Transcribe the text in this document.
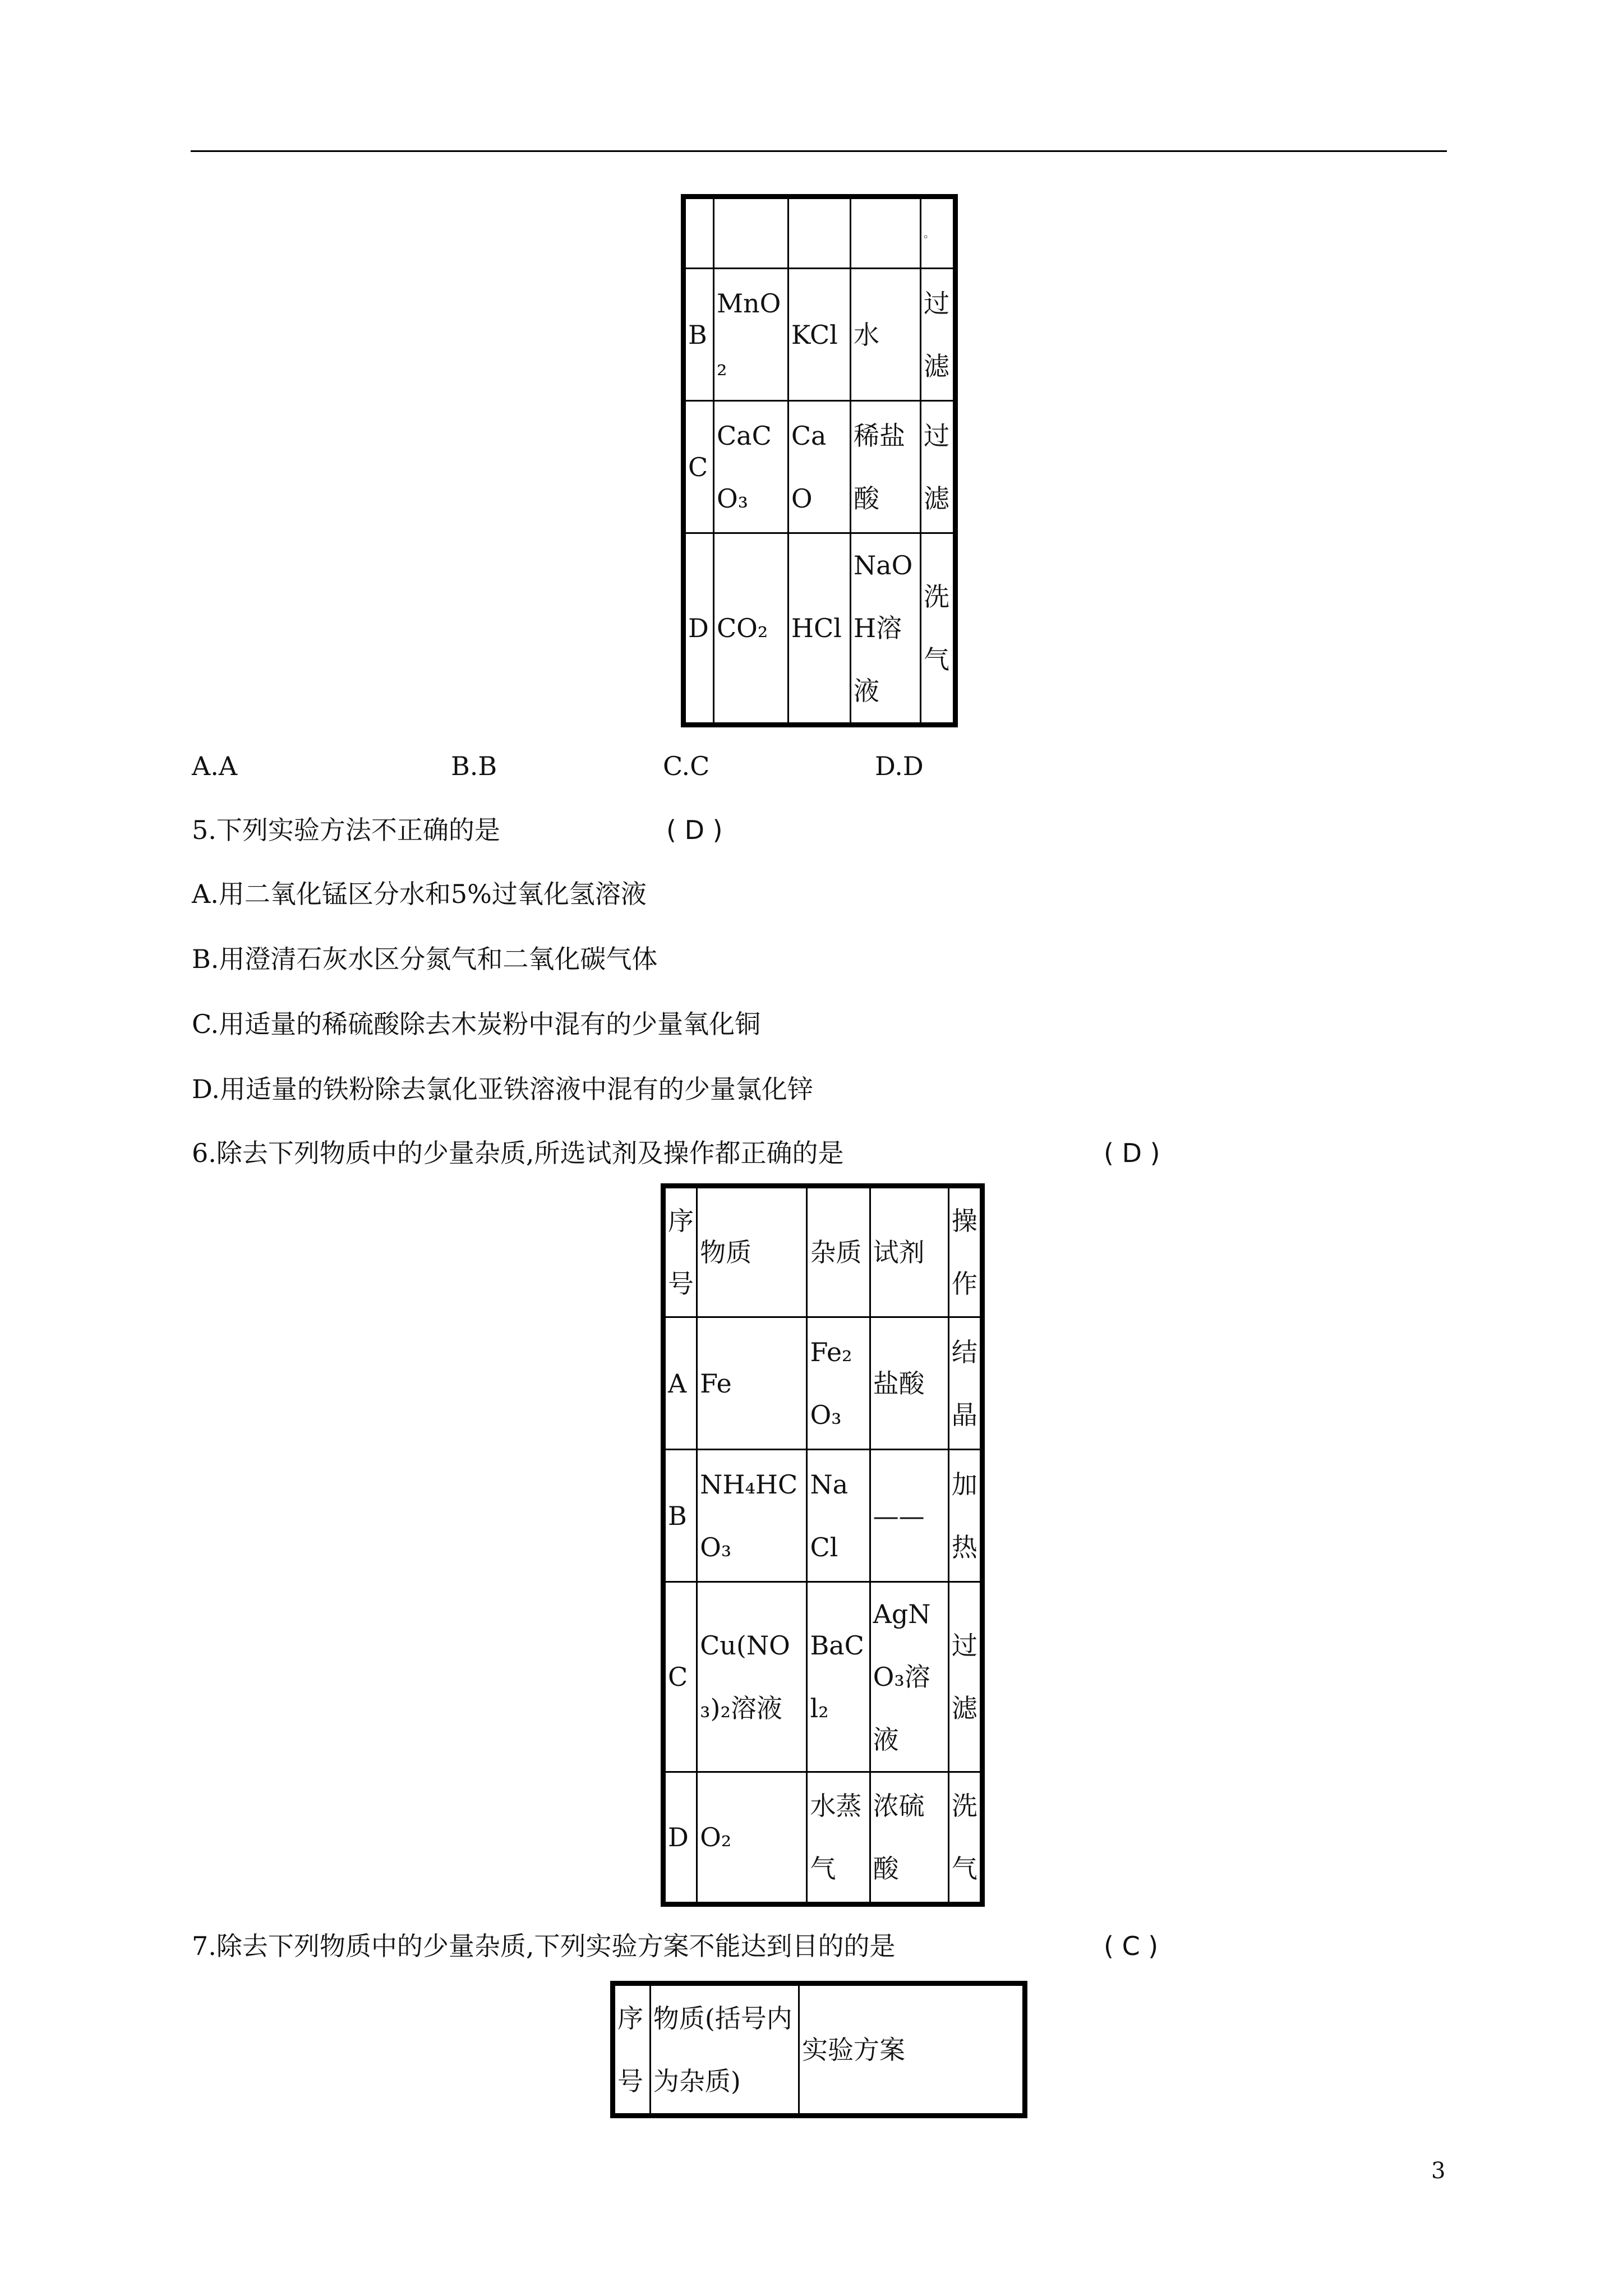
				。
B	MnO₂	KCl	水	过滤
C	CaCO₃	CaO	稀盐酸	过滤
D	CO₂	HCl	NaOH溶液	洗气
A.A	B.B	C.C	D.D
5.下列实验方法不正确的是	( D )
A.用二氧化锰区分水和5%过氧化氢溶液
B.用澄清石灰水区分氮气和二氧化碳气体
C.用适量的稀硫酸除去木炭粉中混有的少量氧化铜
D.用适量的铁粉除去氯化亚铁溶液中混有的少量氯化锌
6.除去下列物质中的少量杂质,所选试剂及操作都正确的是	( D )
序号	物质	杂质	试剂	操作
A	Fe	Fe₂O₃	盐酸	结晶
B	NH₄HCO₃	NaCl	——	加热
C	Cu(NO₃)₂溶液	BaCl₂	AgNO₃溶液	过滤
D	O₂	水蒸气	浓硫酸	洗气
7.除去下列物质中的少量杂质,下列实验方案不能达到目的的是	( C )
序号	物质(括号内为杂质)	实验方案
3
